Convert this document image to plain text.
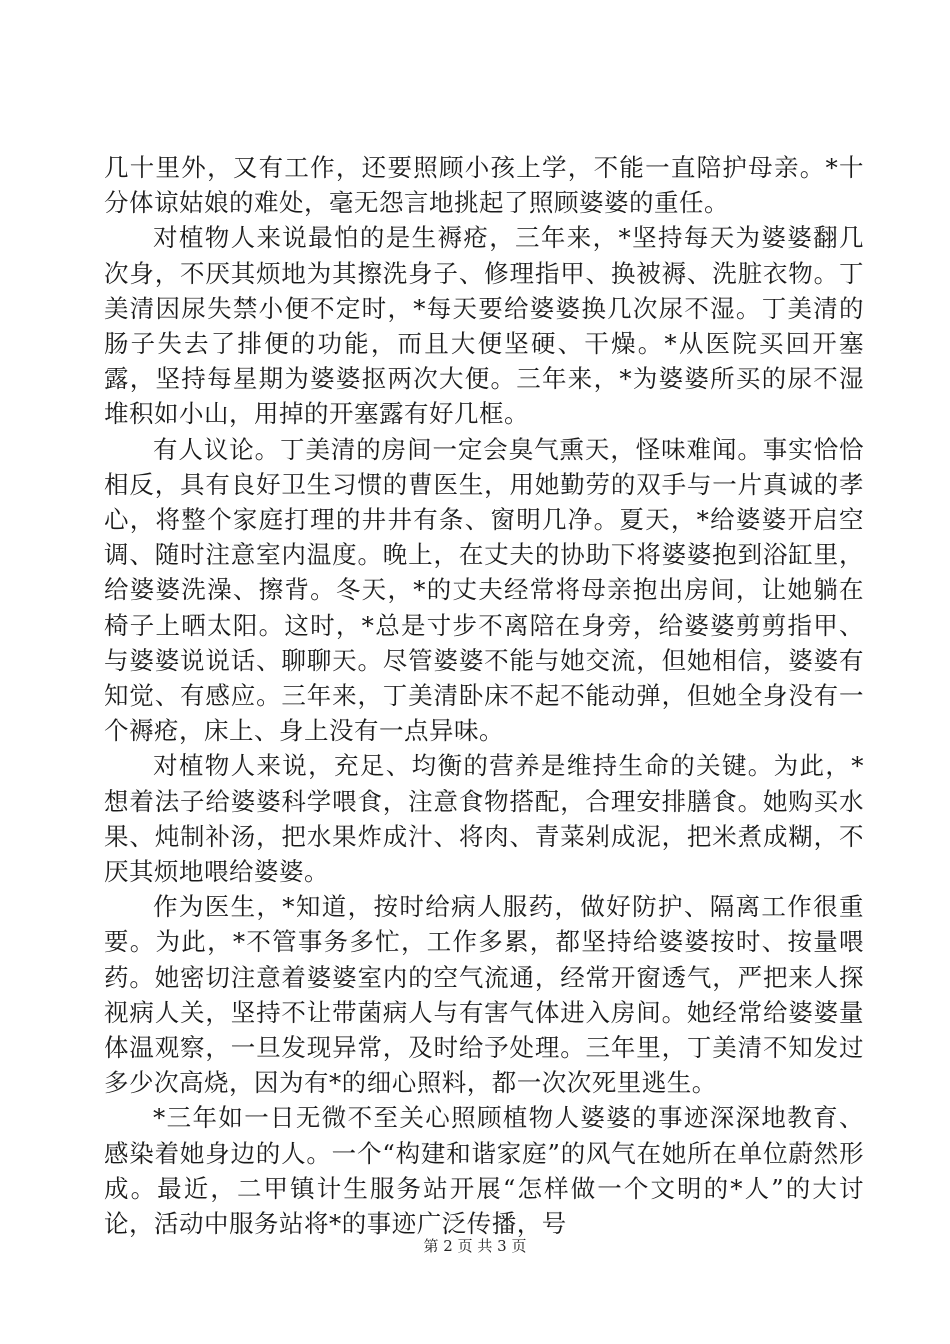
几十里外，又有工作，还要照顾小孩上学，不能一直陪护母亲。*十分体谅姑娘的难处，毫无怨言地挑起了照顾婆婆的重任。

对植物人来说最怕的是生褥疮，三年来，*坚持每天为婆婆翻几次身，不厌其烦地为其擦洗身子、修理指甲、换被褥、洗脏衣物。丁美清因尿失禁小便不定时，*每天要给婆婆换几次尿不湿。丁美清的肠子失去了排便的功能，而且大便坚硬、干燥。*从医院买回开塞露，坚持每星期为婆婆抠两次大便。三年来，*为婆婆所买的尿不湿堆积如小山，用掉的开塞露有好几框。

有人议论。丁美清的房间一定会臭气熏天，怪味难闻。事实恰恰相反，具有良好卫生习惯的曹医生，用她勤劳的双手与一片真诚的孝心，将整个家庭打理的井井有条、窗明几净。夏天，*给婆婆开启空调、随时注意室内温度。晚上，在丈夫的协助下将婆婆抱到浴缸里，给婆婆洗澡、擦背。冬天，*的丈夫经常将母亲抱出房间，让她躺在椅子上晒太阳。这时，*总是寸步不离陪在身旁，给婆婆剪剪指甲、与婆婆说说话、聊聊天。尽管婆婆不能与她交流，但她相信，婆婆有知觉、有感应。三年来，丁美清卧床不起不能动弹，但她全身没有一个褥疮，床上、身上没有一点异味。

对植物人来说，充足、均衡的营养是维持生命的关键。为此，*想着法子给婆婆科学喂食，注意食物搭配，合理安排膳食。她购买水果、炖制补汤，把水果炸成汁、将肉、青菜剁成泥，把米煮成糊，不厌其烦地喂给婆婆。

作为医生，*知道，按时给病人服药，做好防护、隔离工作很重要。为此，*不管事务多忙，工作多累，都坚持给婆婆按时、按量喂药。她密切注意着婆婆室内的空气流通，经常开窗透气，严把来人探视病人关，坚持不让带菌病人与有害气体进入房间。她经常给婆婆量体温观察，一旦发现异常，及时给予处理。三年里，丁美清不知发过多少次高烧，因为有*的细心照料，都一次次死里逃生。

*三年如一日无微不至关心照顾植物人婆婆的事迹深深地教育、感染着她身边的人。一个“构建和谐家庭”的风气在她所在单位蔚然形成。最近，二甲镇计生服务站开展“怎样做一个文明的*人”的大讨论，活动中服务站将*的事迹广泛传播，号

第 2 页 共 3 页
